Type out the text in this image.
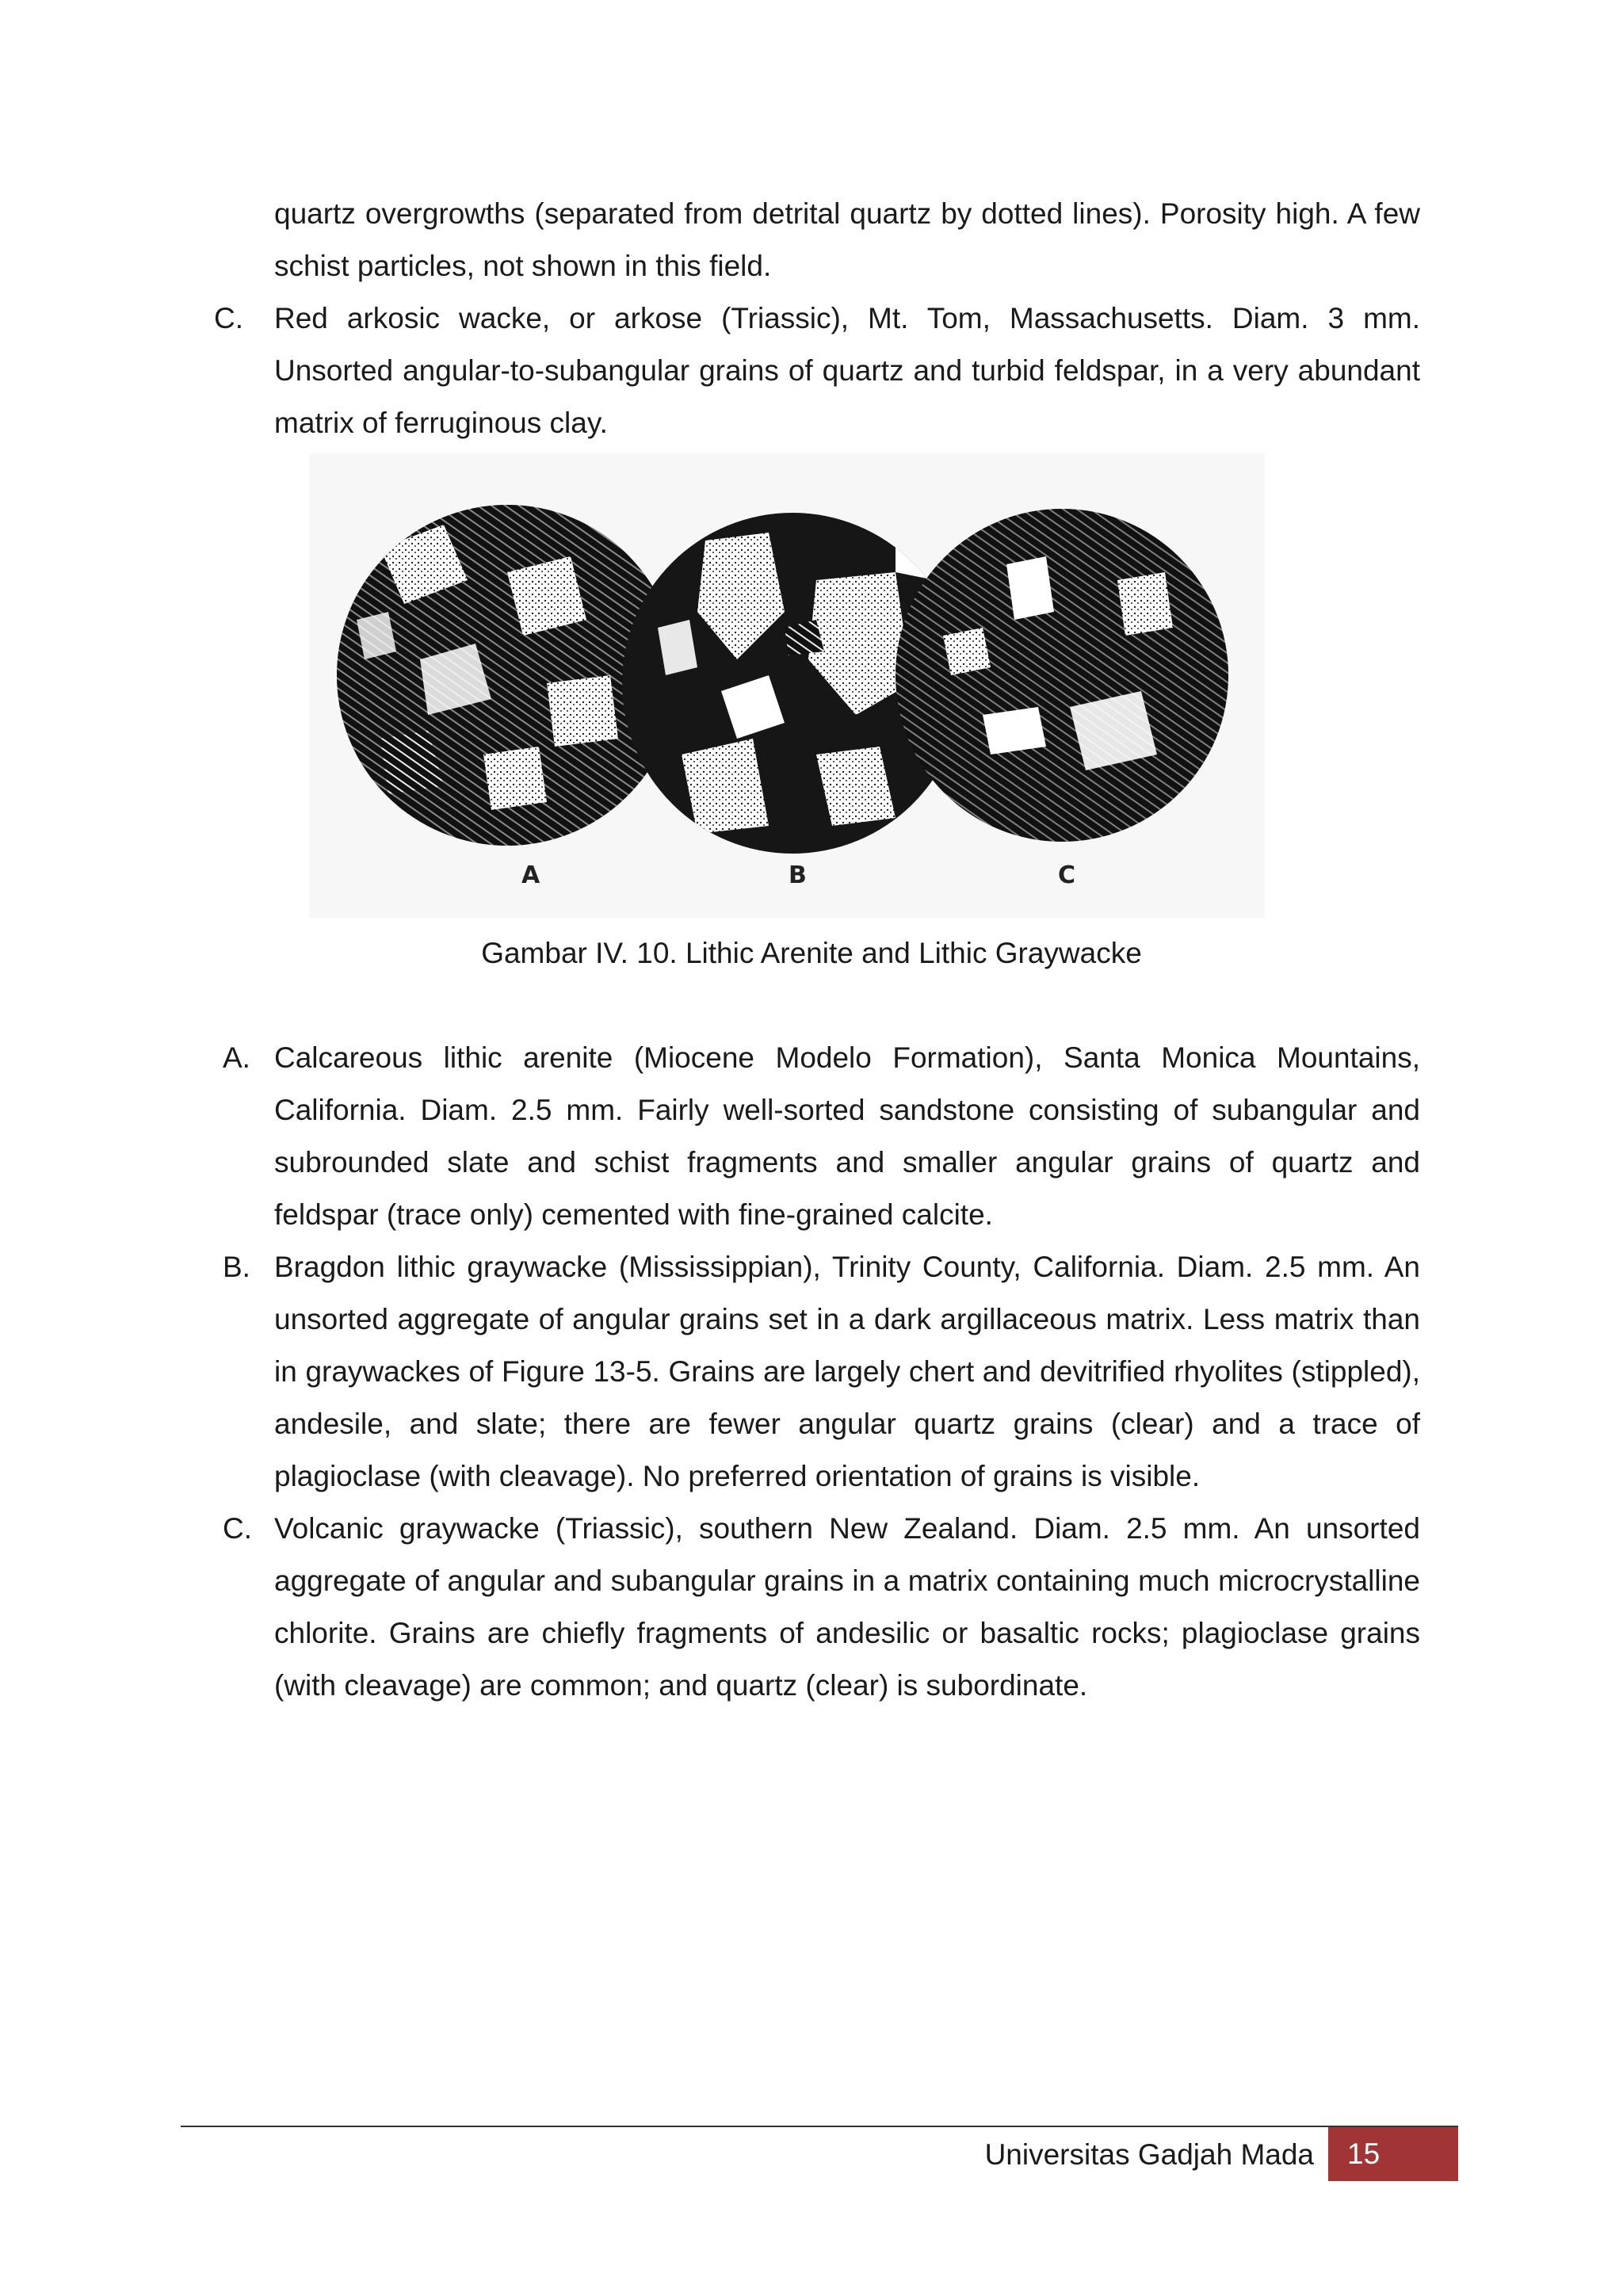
quartz overgrowths (separated from detrital quartz by dotted lines). Porosity high. A few schist particles, not shown in this field.

C.	Red arkosic wacke, or arkose (Triassic), Mt. Tom, Massachusetts. Diam. 3 mm. Unsorted angular-to-subangular grains of quartz and turbid feldspar, in a very abundant matrix of ferruginous clay.
A	B	C
Gambar IV. 10. Lithic Arenite and Lithic Graywacke
A. Calcareous lithic arenite (Miocene Modelo Formation), Santa Monica Mountains, California. Diam. 2.5 mm. Fairly well-sorted sandstone consisting of subangular and subrounded slate and schist fragments and smaller angular grains of quartz and feldspar (trace only) cemented with fine-grained calcite.
B. Bragdon lithic graywacke (Mississippian), Trinity County, California. Diam. 2.5 mm. An unsorted aggregate of angular grains set in a dark argillaceous matrix. Less matrix than in graywackes of Figure 13-5. Grains are largely chert and devitrified rhyolites (stippled), andesile, and slate; there are fewer angular quartz grains (clear) and a trace of plagioclase (with cleavage). No preferred orientation of grains is visible.
C. Volcanic graywacke (Triassic), southern New Zealand. Diam. 2.5 mm. An unsorted aggregate of angular and subangular grains in a matrix containing much microcrystalline chlorite. Grains are chiefly fragments of andesilic or basaltic rocks; plagioclase grains (with cleavage) are common; and quartz (clear) is subordinate.
Universitas Gadjah Mada	15
